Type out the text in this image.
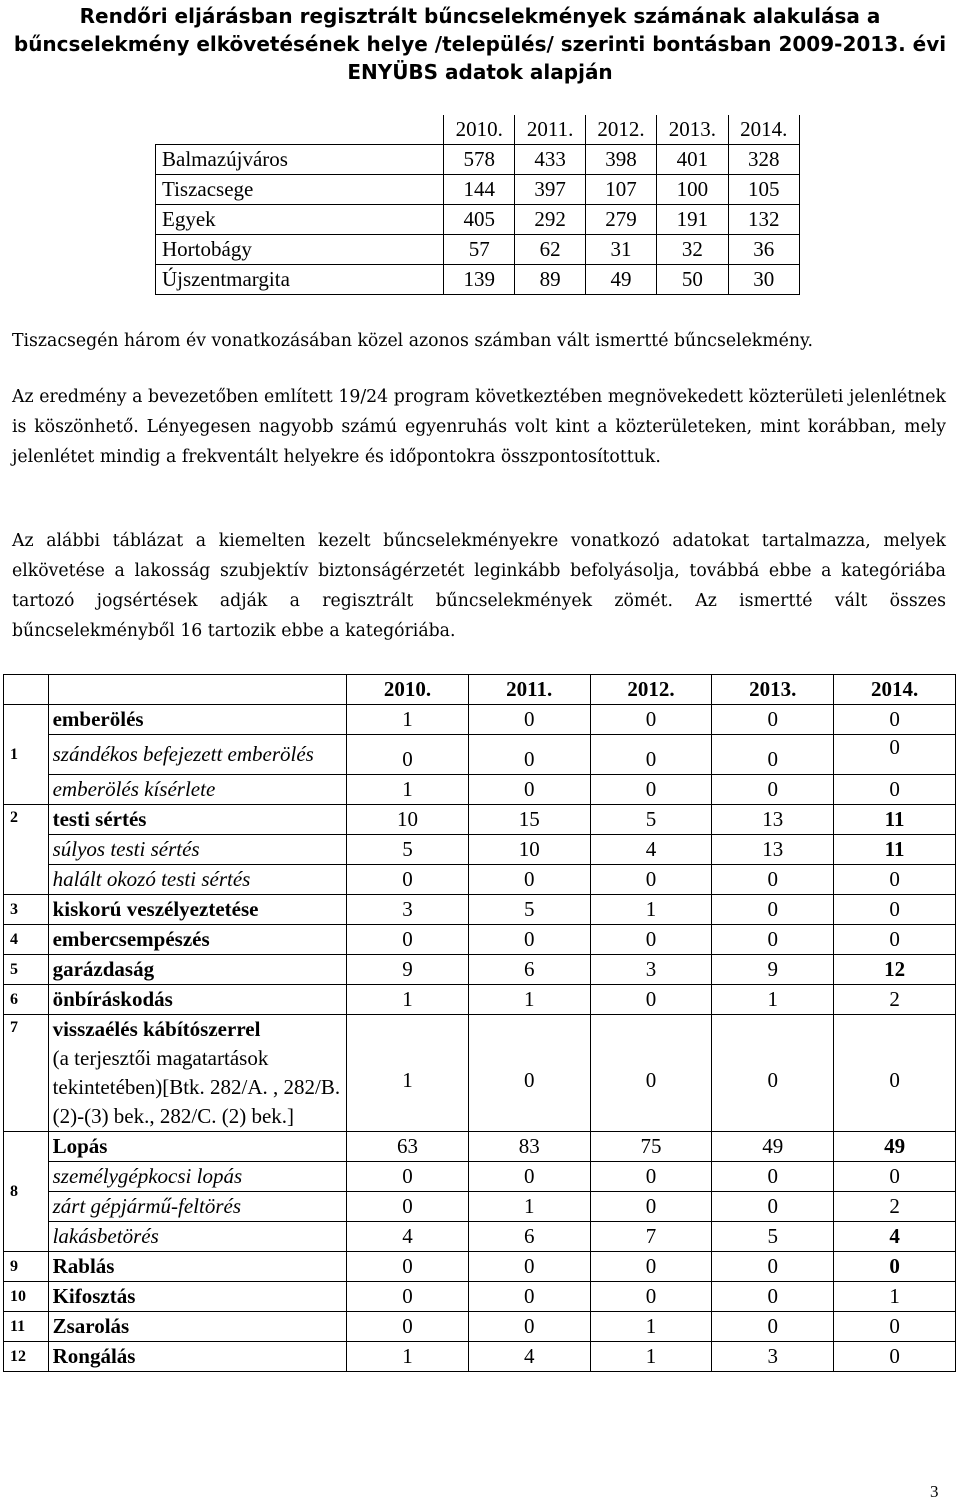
Rendőri eljárásban regisztrált bűncselekmények számának alakulása a bűncselekmény elkövetésének helye /település/ szerinti bontásban 2009-2013. évi ENYÜBS adatok alapján
	2010.	2011.	2012.	2013.	2014.
Balmazújváros	578	433	398	401	328
Tiszacsege	144	397	107	100	105
Egyek	405	292	279	191	132
Hortobágy	57	62	31	32	36
Újszentmargita	139	89	49	50	30

Tiszacsegén három év vonatkozásában közel azonos számban vált ismertté bűncselekmény.

Az eredmény a bevezetőben említett 19/24 program következtében megnövekedett közterületi jelenlétnek is köszönhető. Lényegesen nagyobb számú egyenruhás volt kint a közterületeken, mint korábban, mely jelenlétet mindig a frekventált helyekre és időpontokra összpontosítottuk.

Az alábbi táblázat a kiemelten kezelt bűncselekményekre vonatkozó adatokat tartalmazza, melyek elkövetése a lakosság szubjektív biztonságérzetét leginkább befolyásolja, továbbá ebbe a kategóriába tartozó jogsértések adják a regisztrált bűncselekmények zömét. Az ismertté vált összes bűncselekményből 16 tartozik ebbe a kategóriába.

		2010.	2011.	2012.	2013.	2014.
1	emberölés	1	0	0	0	0
	szándékos befejezett emberölés	0	0	0	0	0
	emberölés kísérlete	1	0	0	0	0
2	testi sértés	10	15	5	13	11
	súlyos testi sértés	5	10	4	13	11
	halált okozó testi sértés	0	0	0	0	0
3	kiskorú veszélyeztetése	3	5	1	0	0
4	embercsempészés	0	0	0	0	0
5	garázdaság	9	6	3	9	12
6	önbíráskodás	1	1	0	1	2
7	visszaélés kábítószerrel
(a terjesztői magatartások tekintetében)[Btk. 282/A. , 282/B. (2)-(3) bek., 282/C. (2) bek.]	1	0	0	0	0
8	Lopás	63	83	75	49	49
	személygépkocsi lopás	0	0	0	0	0
	zárt gépjármű-feltörés	0	1	0	0	2
	lakásbetörés	4	6	7	5	4
9	Rablás	0	0	0	0	0
10	Kifosztás	0	0	0	0	1
11	Zsarolás	0	0	1	0	0
12	Rongálás	1	4	1	3	0
3
